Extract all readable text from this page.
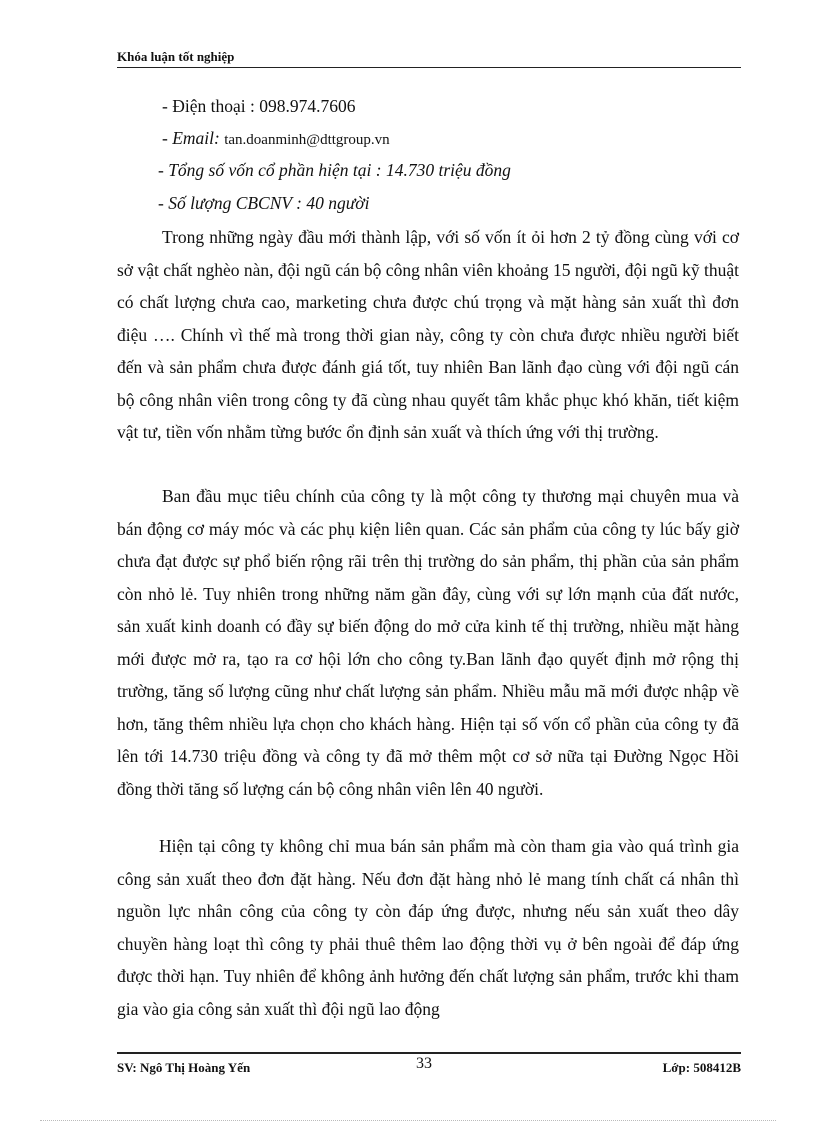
Khóa luận tốt nghiệp
- Điện thoại : 098.974.7606
- Email: tan.doanminh@dttgroup.vn
- Tổng số vốn cổ phần hiện tại : 14.730 triệu đồng
- Số lượng CBCNV : 40 người

Trong những ngày đầu mới thành lập, với số vốn ít ỏi hơn 2 tỷ đồng cùng với cơ sở vật chất nghèo nàn, đội ngũ cán bộ công nhân viên khoảng 15 người, đội ngũ kỹ thuật có chất lượng chưa cao, marketing chưa được chú trọng và mặt hàng sản xuất thì đơn điệu …. Chính vì thế mà trong thời gian này, công ty còn chưa được nhiều người biết đến và sản phẩm chưa được đánh giá tốt, tuy nhiên Ban lãnh đạo cùng với đội ngũ cán bộ công nhân viên trong công ty đã cùng nhau quyết tâm khắc phục khó khăn, tiết kiệm vật tư, tiền vốn nhằm từng bước ổn định sản xuất và thích ứng với thị trường.

Ban đầu mục tiêu chính của công ty là một công ty thương mại chuyên mua và bán động cơ máy móc và các phụ kiện liên quan. Các sản phẩm của công ty lúc bấy giờ chưa đạt được sự phổ biến rộng rãi trên thị trường do sản phẩm, thị phần của sản phẩm còn nhỏ lẻ. Tuy nhiên trong những năm gần đây, cùng với sự lớn mạnh của đất nước, sản xuất kinh doanh có đầy sự biến động do mở cửa kinh tế thị trường, nhiều mặt hàng mới được mở ra, tạo ra cơ hội lớn cho công ty.Ban lãnh đạo quyết định mở rộng thị trường, tăng số lượng cũng như chất lượng sản phẩm. Nhiều mẫu mã mới được nhập về hơn, tăng thêm nhiều lựa chọn cho khách hàng. Hiện tại số vốn cổ phần của công ty đã lên tới 14.730 triệu đồng và công ty đã mở thêm một cơ sở nữa tại Đường Ngọc Hồi đồng thời tăng số lượng cán bộ công nhân viên lên 40 người.

Hiện tại công ty không chỉ mua bán sản phẩm mà còn tham gia vào quá trình gia công sản xuất theo đơn đặt hàng. Nếu đơn đặt hàng nhỏ lẻ mang tính chất cá nhân thì nguồn lực nhân công của công ty còn đáp ứng được, nhưng nếu sản xuất theo dây chuyền hàng loạt thì công ty phải thuê thêm lao động thời vụ ở bên ngoài để đáp ứng được thời hạn. Tuy nhiên để không ảnh hưởng đến chất lượng sản phẩm, trước khi tham gia vào gia công sản xuất thì đội ngũ lao động

SV: Ngô Thị Hoàng Yến	33	Lớp: 508412B
